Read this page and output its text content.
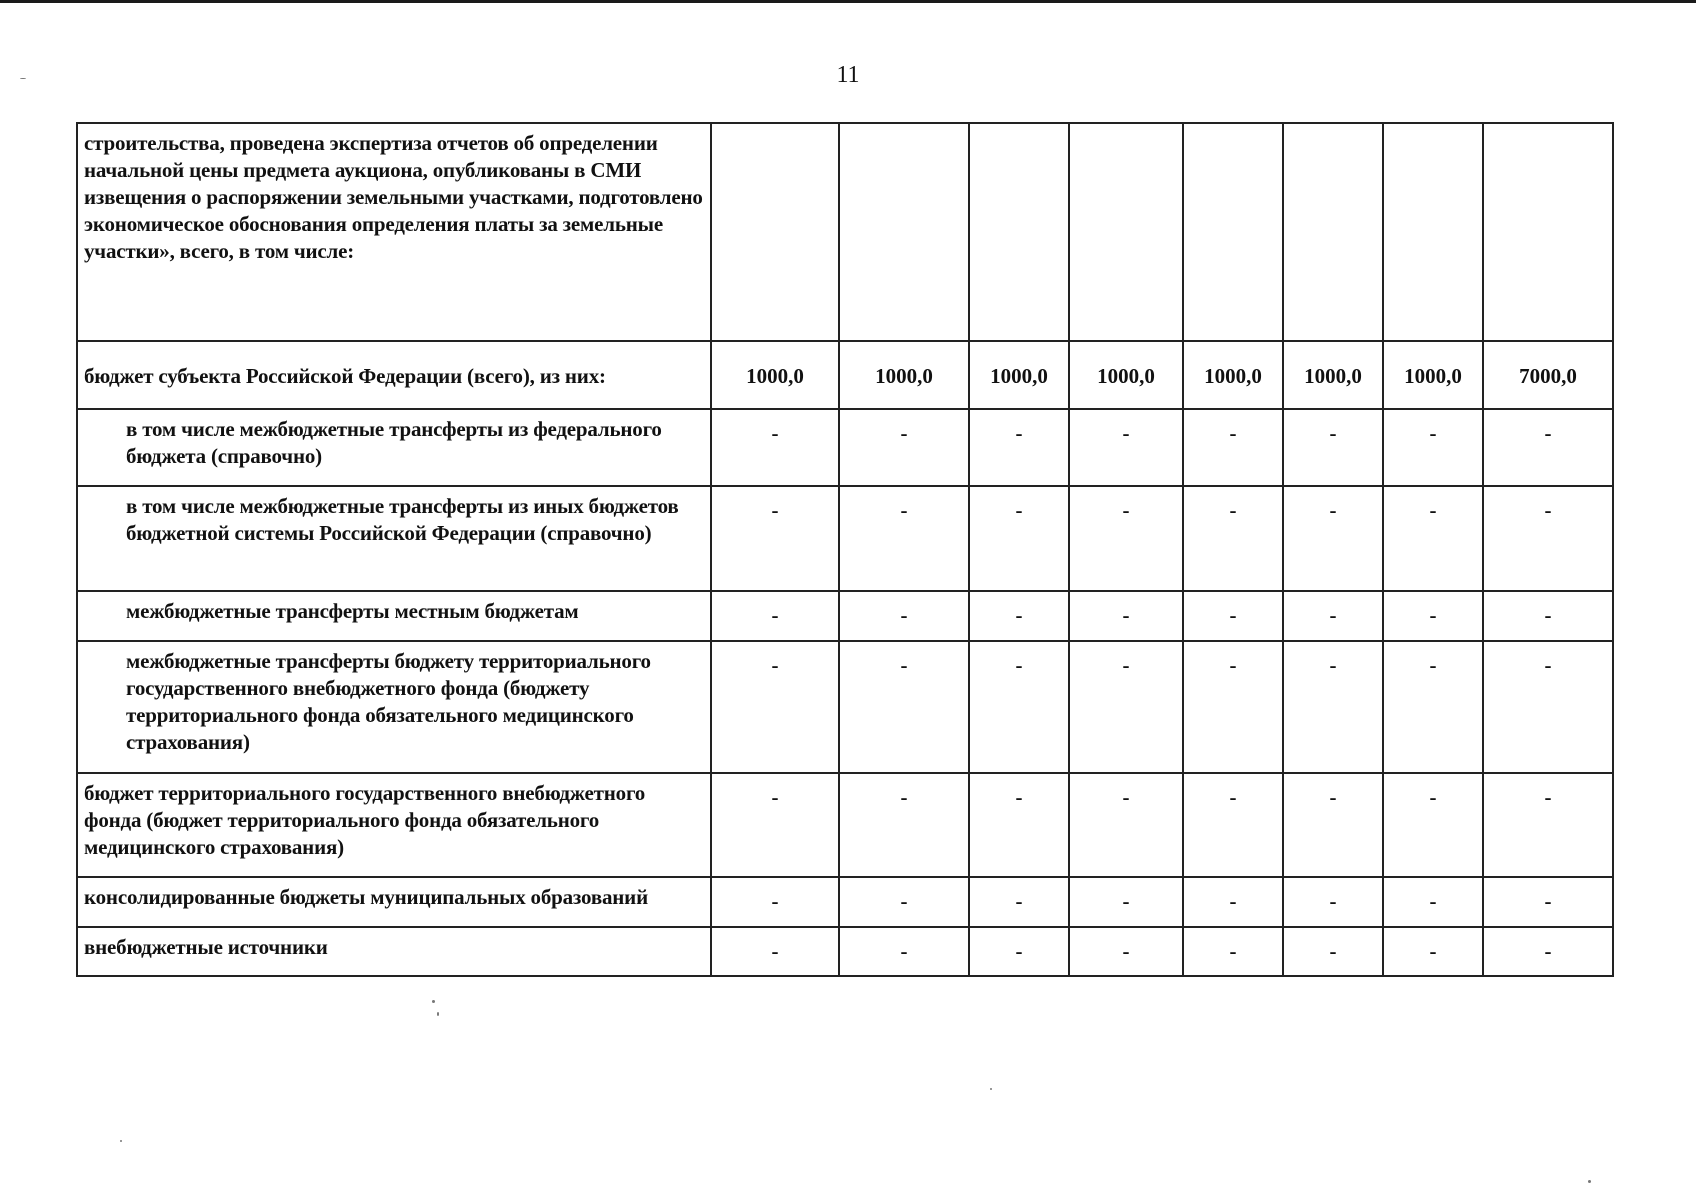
11
строительства, проведена экспертиза отчетов об определении начальной цены предмета аукциона, опубликованы в СМИ извещения о распоряжении земельными участками, подготовлено экономическое обоснования определения платы за земельные участки», всего, в том числе:								
бюджет субъекта Российской Федерации (всего), из них:	1000,0	1000,0	1000,0	1000,0	1000,0	1000,0	1000,0	7000,0
в том числе межбюджетные трансферты из федерального бюджета (справочно)	-	-	-	-	-	-	-	-
в том числе межбюджетные трансферты из иных бюджетов бюджетной системы Российской Федерации (справочно)	-	-	-	-	-	-	-	-
межбюджетные трансферты местным бюджетам	-	-	-	-	-	-	-	-
межбюджетные трансферты бюджету территориального государственного внебюджетного фонда (бюджету территориального фонда обязательного медицинского страхования)	-	-	-	-	-	-	-	-
бюджет территориального государственного внебюджетного фонда (бюджет территориального фонда обязательного медицинского страхования)	-	-	-	-	-	-	-	-
консолидированные бюджеты муниципальных образований	-	-	-	-	-	-	-	-
внебюджетные источники	-	-	-	-	-	-	-	-
